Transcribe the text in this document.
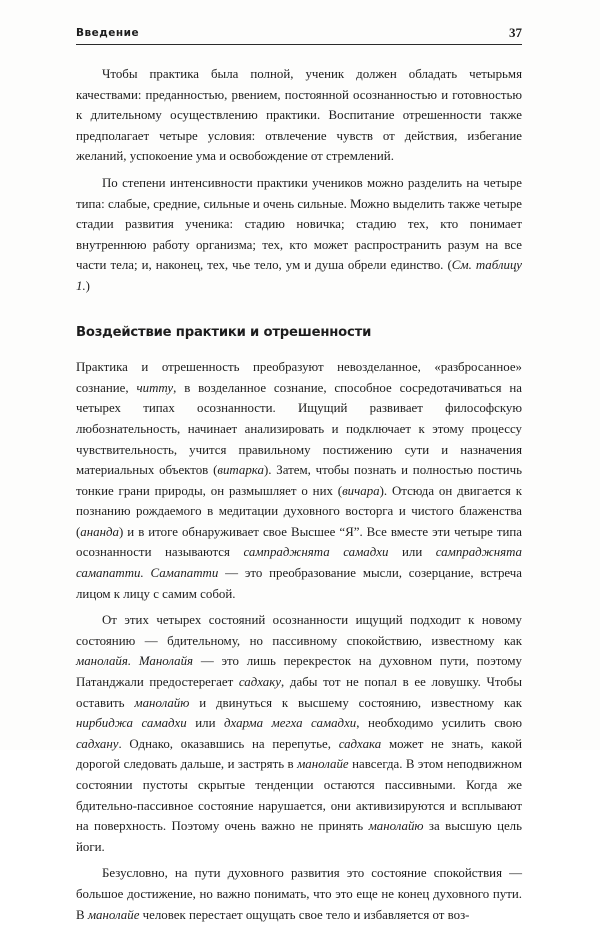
Введение	37

Чтобы практика была полной, ученик должен обладать четырьмя качествами: преданностью, рвением, постоянной осознанностью и готовностью к длительному осуществлению практики. Воспитание отрешенности также предполагает четыре условия: отвлечение чувств от действия, избегание желаний, успокоение ума и освобождение от стремлений.

По степени интенсивности практики учеников можно разделить на четыре типа: слабые, средние, сильные и очень сильные. Можно выделить также четыре стадии развития ученика: стадию новичка; стадию тех, кто понимает внутреннюю работу организма; тех, кто может распространить разум на все части тела; и, наконец, тех, чье тело, ум и душа обрели единство. (См. таблицу 1.)

Воздействие практики и отрешенности

Практика и отрешенность преобразуют невозделанное, «разбросанное» сознание, читту, в возделанное сознание, способное сосредотачиваться на четырех типах осознанности. Ищущий развивает философскую любознательность, начинает анализировать и подключает к этому процессу чувствительность, учится правильному постижению сути и назначения материальных объектов (витарка). Затем, чтобы познать и полностью постичь тонкие грани природы, он размышляет о них (вичара). Отсюда он двигается к познанию рождаемого в медитации духовного восторга и чистого блаженства (ананда) и в итоге обнаруживает свое Высшее “Я”. Все вместе эти четыре типа осознанности называются сампраджнята самадхи или сампраджнята самапатти. Самапатти — это преобразование мысли, созерцание, встреча лицом к лицу с самим собой.

От этих четырех состояний осознанности ищущий подходит к новому состоянию — бдительному, но пассивному спокойствию, известному как манолайя. Манолайя — это лишь перекресток на духовном пути, поэтому Патанджали предостерегает садхаку, дабы тот не попал в ее ловушку. Чтобы оставить манолайю и двинуться к высшему состоянию, известному как нирбиджа самадхи или дхарма мегха самадхи, необходимо усилить свою садхану. Однако, оказавшись на перепутье, садхака может не знать, какой дорогой следовать дальше, и застрять в манолайе навсегда. В этом неподвижном состоянии пустоты скрытые тенденции остаются пассивными. Когда же бдительно-пассивное состояние нарушается, они активизируются и всплывают на поверхность. Поэтому очень важно не принять манолайю за высшую цель йоги.

Безусловно, на пути духовного развития это состояние спокойствия — большое достижение, но важно понимать, что это еще не конец духовного пути. В манолайе человек перестает ощущать свое тело и избавляется от воз-
